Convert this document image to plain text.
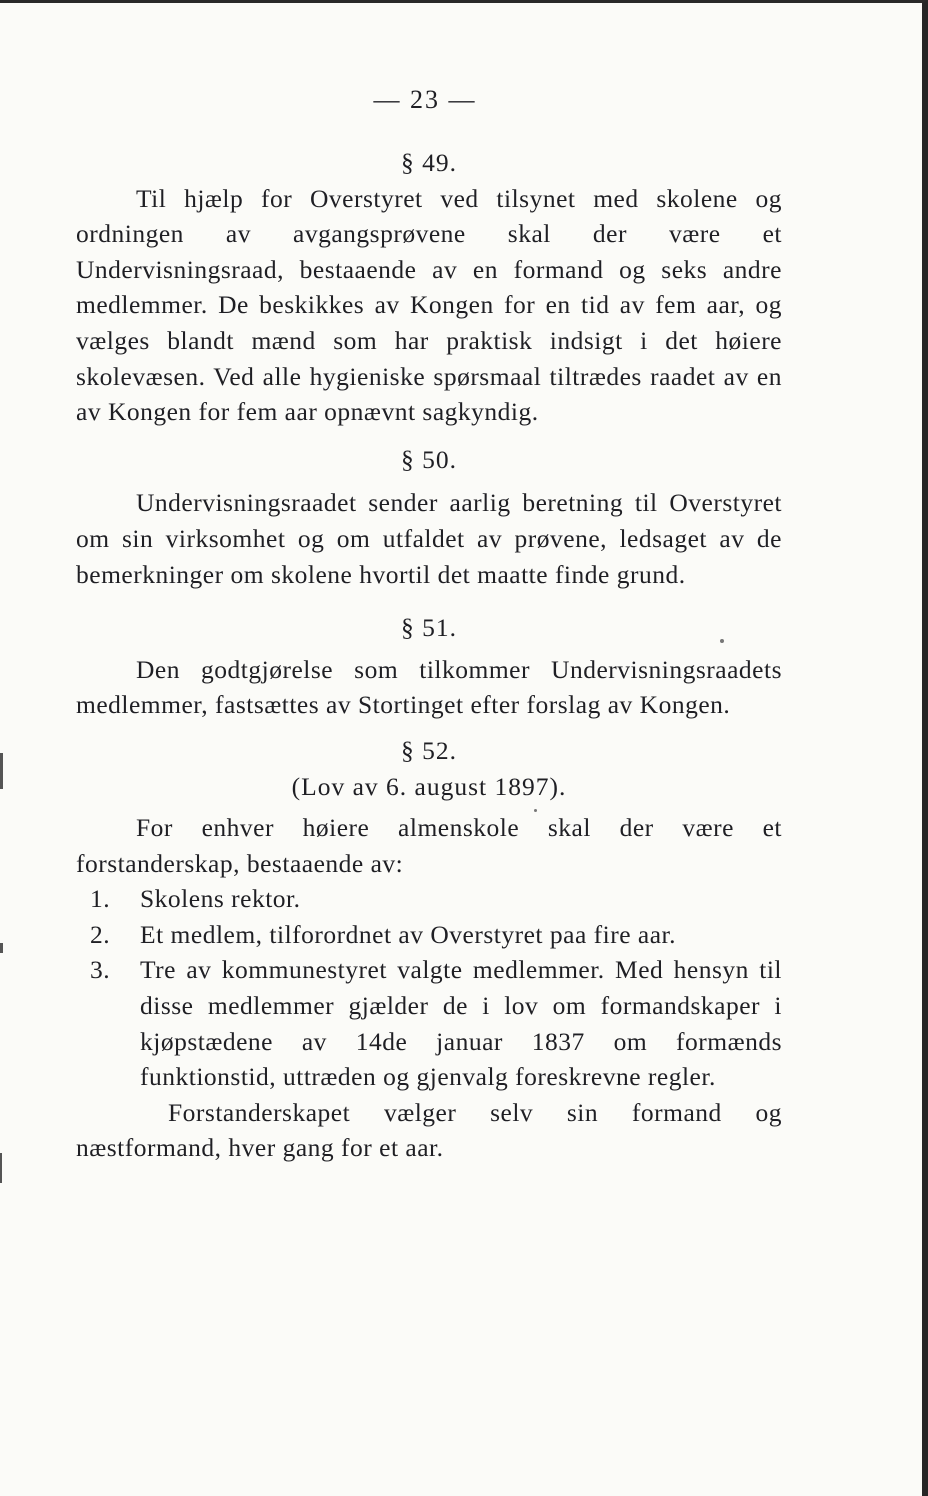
— 23 —

§ 49.

Til hjælp for Overstyret ved tilsynet med skolene og ordningen av avgangsprøvene skal der være et Undervisningsraad, bestaaende av en formand og seks andre medlemmer. De beskikkes av Kongen for en tid av fem aar, og vælges blandt mænd som har praktisk indsigt i det høiere skolevæsen. Ved alle hygieniske spørsmaal tiltrædes raadet av en av Kongen for fem aar opnævnt sagkyndig.

§ 50.

Undervisningsraadet sender aarlig beretning til Overstyret om sin virksomhet og om utfaldet av prøvene, ledsaget av de bemerkninger om skolene hvortil det maatte finde grund.

§ 51.

Den godtgjørelse som tilkommer Undervisningsraadets medlemmer, fastsættes av Stortinget efter forslag av Kongen.

§ 52.

(Lov av 6. august 1897).

For enhver høiere almenskole skal der være et forstanderskap, bestaaende av:

1.	Skolens rektor.
2.	Et medlem, tilforordnet av Overstyret paa fire aar.
3.	Tre av kommunestyret valgte medlemmer. Med hensyn til disse medlemmer gjælder de i lov om formandskaper i kjøpstædene av 14de januar 1837 om formænds funktionstid, uttræden og gjenvalg foreskrevne regler.

Forstanderskapet vælger selv sin formand og næstformand, hver gang for et aar.
